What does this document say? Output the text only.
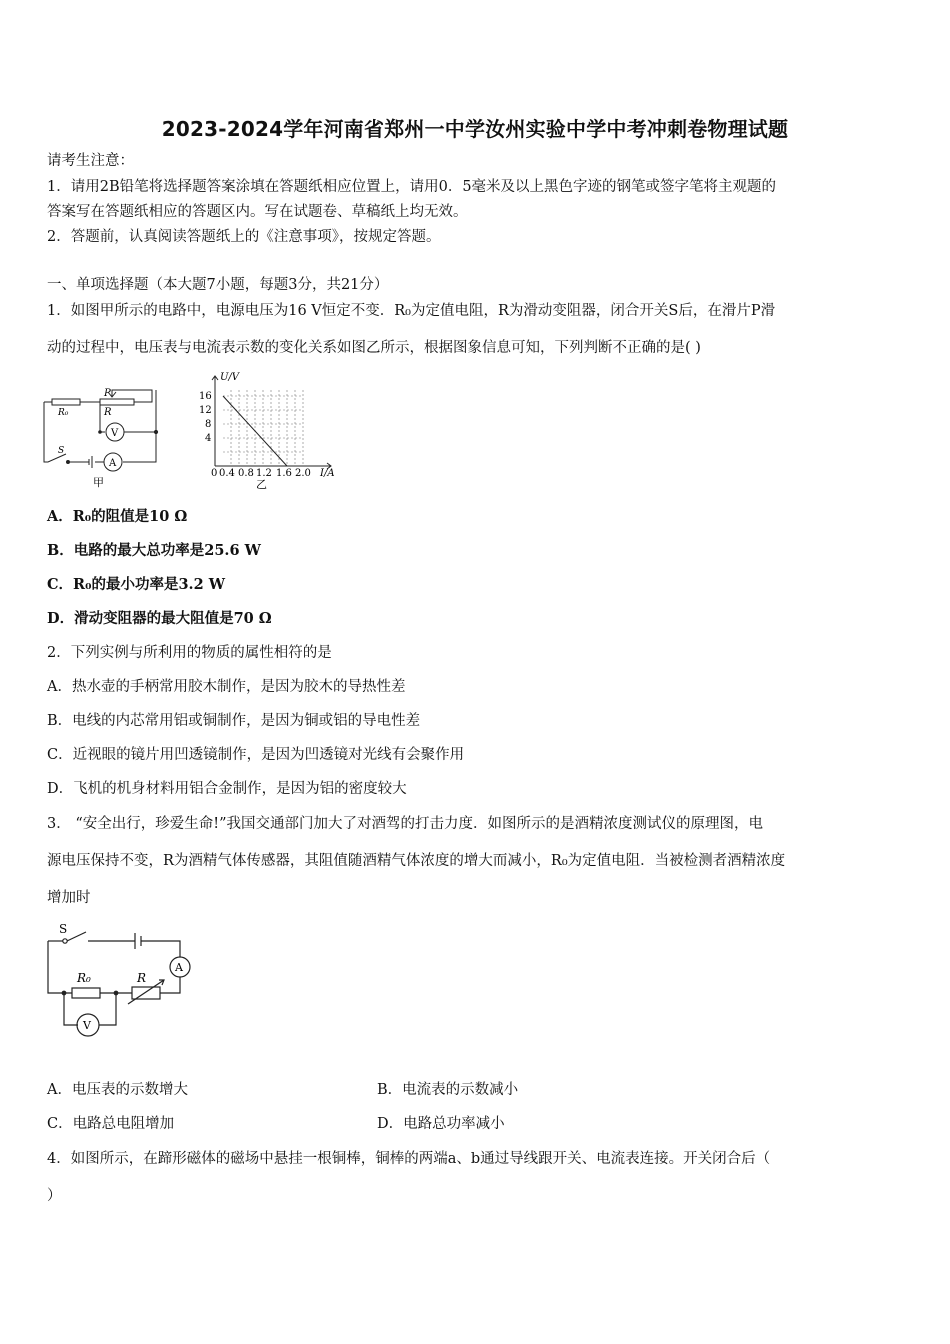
2023-2024学年河南省郑州一中学汝州实验中学中考冲刺卷物理试题
请考生注意：
1．请用2B铅笔将选择题答案涂填在答题纸相应位置上，请用0．5毫米及以上黑色字迹的钢笔或签字笔将主观题的
答案写在答题纸相应的答题区内。写在试题卷、草稿纸上均无效。
2．答题前，认真阅读答题纸上的《注意事项》，按规定答题。
一、单项选择题（本大题7小题，每题3分，共21分）
1．如图甲所示的电路中，电源电压为16 V恒定不变．R₀为定值电阻，R为滑动变阻器，闭合开关S后，在滑片P滑
动的过程中，电压表与电流表示数的变化关系如图乙所示，根据图象信息可知，下列判断不正确的是( )
P
R
R₀
S
V
A
甲
U/V
I/A
16
12
8
4
0 0.4 0.8 1.2 1.6 2.0
乙
A．R₀的阻值是10 Ω
B．电路的最大总功率是25.6 W
C．R₀的最小功率是3.2 W
D．滑动变阻器的最大阻值是70 Ω
2．下列实例与所利用的物质的属性相符的是
A．热水壶的手柄常用胶木制作，是因为胶木的导热性差
B．电线的内芯常用铝或铜制作，是因为铜或铝的导电性差
C．近视眼的镜片用凹透镜制作，是因为凹透镜对光线有会聚作用
D．飞机的机身材料用铝合金制作，是因为铝的密度较大
3． “安全出行，珍爱生命!”我国交通部门加大了对酒驾的打击力度．如图所示的是酒精浓度测试仪的原理图，电
源电压保持不变，R为酒精气体传感器，其阻值随酒精气体浓度的增大而减小，R₀为定值电阻．当被检测者酒精浓度
增加时
S
R₀	R
A
V
A．电压表的示数增大	B．电流表的示数减小
C．电路总电阻增加	D．电路总功率减小
4．如图所示，在蹄形磁体的磁场中悬挂一根铜棒，铜棒的两端a、b通过导线跟开关、电流表连接。开关闭合后（
）
